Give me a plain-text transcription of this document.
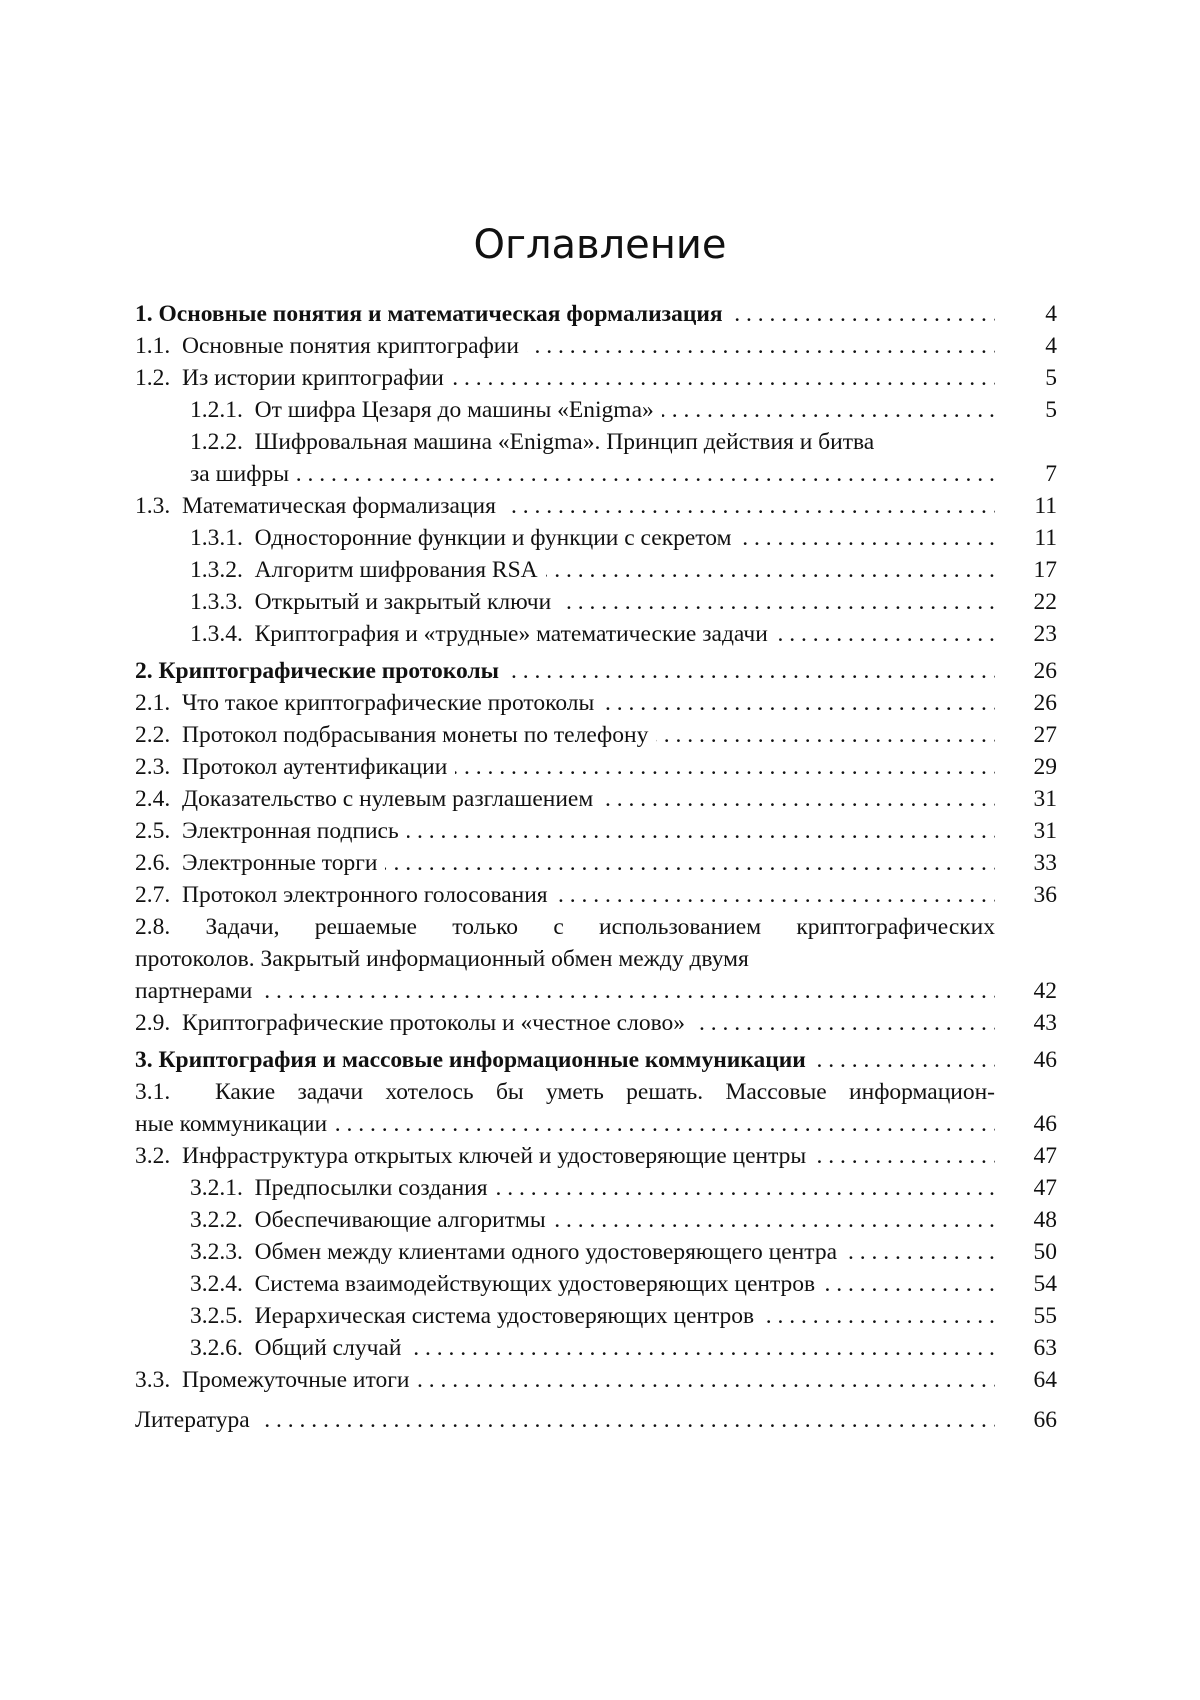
Оглавление
1. Основные понятия и математическая формализация	4
. . . . . . . . . . . . . . . . . . . . . . . . . . . . . . . . . . . . . . .
1.1. Основные понятия криптографии	4
. . . . . . . . . . . . . . . . . . . . . . . . . . . . . . . . . . . . . . . . . . . . . .
1.2. Из истории криптографии	5
1.2.1. От шифра Цезаря до машины «Enigma»	5
1.2.2. Шифровальная машина «Enigma». Принцип действия и битва
. . . . . . . . . . . . . . . . . . . . . . . . . . . . . . . . . . . . . . . . . . . . . . . . . . . . . . . . . . . .
за шифры	7
. . . . . . . . . . . . . . . . . . . . . . . . . . . . . . . . . . . . . . . . .
1.3. Математическая формализация	11
1.3.1. Односторонние функции и функции с секретом	11
. . . . . . . . . . . . . . . . . . . . . . . . . . . . . . . . . . . . . .
1.3.2. Алгоритм шифрования RSA	17
. . . . . . . . . . . . . . . . . . . . . . . . . . . . . . . . . . . . .
1.3.3. Открытый и закрытый ключи	22
1.3.4. Криптография и «трудные» математические задачи	23
. . . . . . . . . . . . . . . . . . . . . . . . . . . . . . . . . . . . . . . . .
2. Криптографические протоколы	26
2.1. Что такое криптографические протоколы	26
2.2. Протокол подбрасывания монеты по телефону	27
. . . . . . . . . . . . . . . . . . . . . . . . . . . . . . . . . . . . . . . . . . . . . .
2.3. Протокол аутентификации	29
2.4. Доказательство с нулевым разглашением	31
. . . . . . . . . . . . . . . . . . . . . . . . . . . . . . . . . . . . . . . . . . . . . . . . . .
2.5. Электронная подпись	31
. . . . . . . . . . . . . . . . . . . . . . . . . . . . . . . . . . . . . . . . . . . . . . . . . . .
2.6. Электронные торги	33
. . . . . . . . . . . . . . . . . . . . . . . . . . . . . . . . . . . . .
2.7. Протокол электронного голосования	36
2.8. Задачи, решаемые только с использованием криптографических
протоколов. Закрытый информационный обмен между двумя
. . . . . . . . . . . . . . . . . . . . . . . . . . . . . . . . . . . . . . . . . . . . . . . . . . . . . . . . . . . . . .
партнерами	42
2.9. Криптографические протоколы и «честное слово»	43
3. Криптография и массовые информационные коммуникации	46
3.1. Какие задачи хотелось бы уметь решать. Массовые информацион-
. . . . . . . . . . . . . . . . . . . . . . . . . . . . . . . . . . . . . . . . . . . . . . . . . . . . . . . .
ные коммуникации	46
3.2. Инфраструктура открытых ключей и удостоверяющие центры	47
. . . . . . . . . . . . . . . . . . . . . . . . . . . . . . . . . . . . . . . . . . .
3.2.1. Предпосылки создания	47
. . . . . . . . . . . . . . . . . . . . . . . . . . . . . . . . . . . . . .
3.2.2. Обеспечивающие алгоритмы	48
3.2.3. Обмен между клиентами одного удостоверяющего центра	50
3.2.4. Система взаимодействующих удостоверяющих центров	54
3.2.5. Иерархическая система удостоверяющих центров	55
. . . . . . . . . . . . . . . . . . . . . . . . . . . . . . . . . . . . . . . . . . . . . . . . . .
3.2.6. Общий случай	63
. . . . . . . . . . . . . . . . . . . . . . . . . . . . . . . . . . . . . . . . . . . . . . . . .
3.3. Промежуточные итоги	64
. . . . . . . . . . . . . . . . . . . . . . . . . . . . . . . . . . . . . . . . . . . . . . . . . . . . . . . . . . . . . .
Литература	66
